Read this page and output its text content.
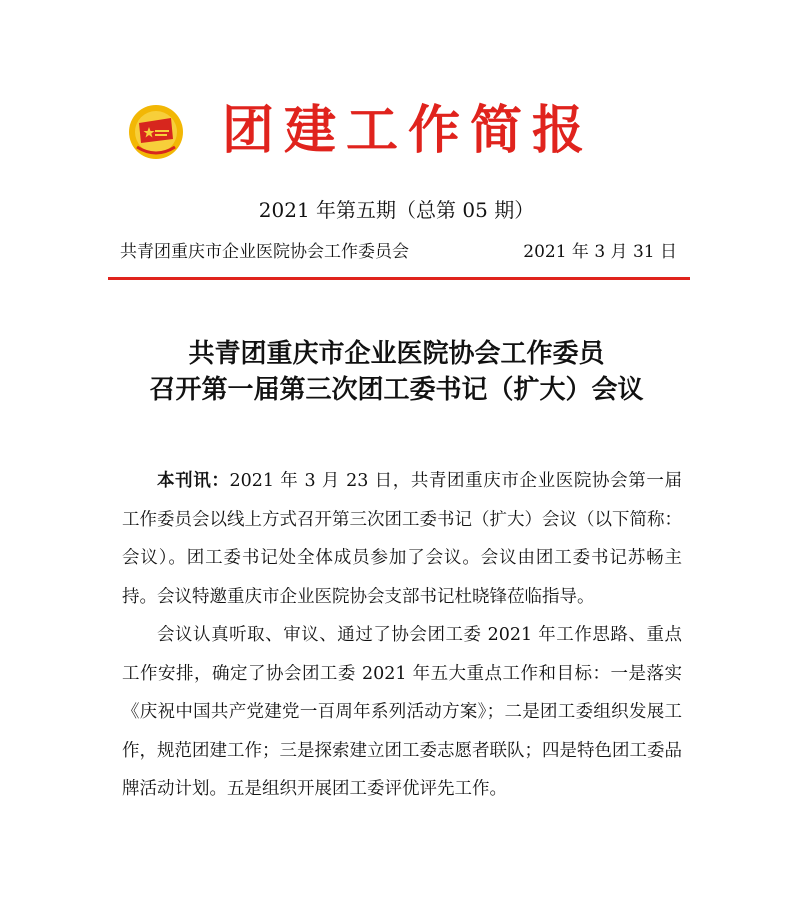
团建工作简报
2021 年第五期（总第 05 期）
共青团重庆市企业医院协会工作委员会	2021 年 3 月 31 日
共青团重庆市企业医院协会工作委员
召开第一届第三次团工委书记（扩大）会议

本刊讯：2021 年 3 月 23 日，共青团重庆市企业医院协会第一届工作委员会以线上方式召开第三次团工委书记（扩大）会议（以下简称：会议）。团工委书记处全体成员参加了会议。会议由团工委书记苏畅主持。会议特邀重庆市企业医院协会支部书记杜晓锋莅临指导。

会议认真听取、审议、通过了协会团工委 2021 年工作思路、重点工作安排，确定了协会团工委 2021 年五大重点工作和目标：一是落实《庆祝中国共产党建党一百周年系列活动方案》；二是团工委组织发展工作，规范团建工作；三是探索建立团工委志愿者联队；四是特色团工委品牌活动计划。五是组织开展团工委评优评先工作。
